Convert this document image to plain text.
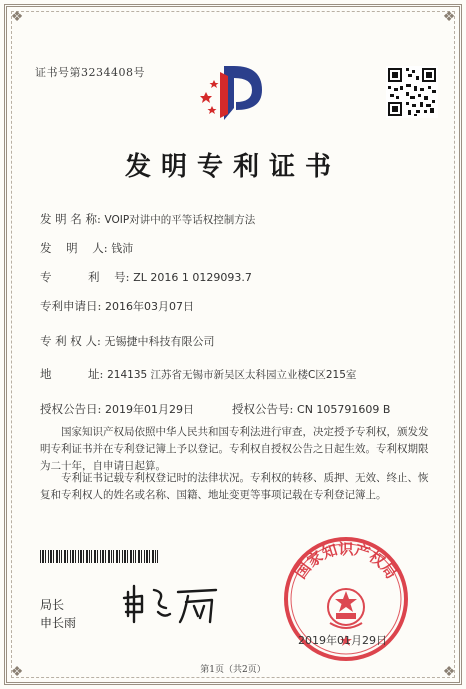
❖	❖
❖	❖
证书号第3234408号
发明专利证书
发 明 名 称: VOIP对讲中的平等话权控制方法
发    明    人: 钱沛
专          利    号: ZL 2016 1 0129093.7
专利申请日: 2016年03月07日
专 利 权 人: 无锡捷中科技有限公司
地          址: 214135 江苏省无锡市新吴区太科园立业楼C区215室
授权公告日: 2019年01月29日	授权公告号: CN 105791609 B
国家知识产权局依照中华人民共和国专利法进行审查，决定授予专利权，颁发发明专利证书并在专利登记簿上予以登记。专利权自授权公告之日起生效。专利权期限为二十年，自申请日起算。
专利证书记载专利权登记时的法律状况。专利权的转移、质押、无效、终止、恢复和专利权人的姓名或名称、国籍、地址变更等事项记载在专利登记簿上。
局长
申长雨
国家知识产权局
2019年01月29日
第1页（共2页）
